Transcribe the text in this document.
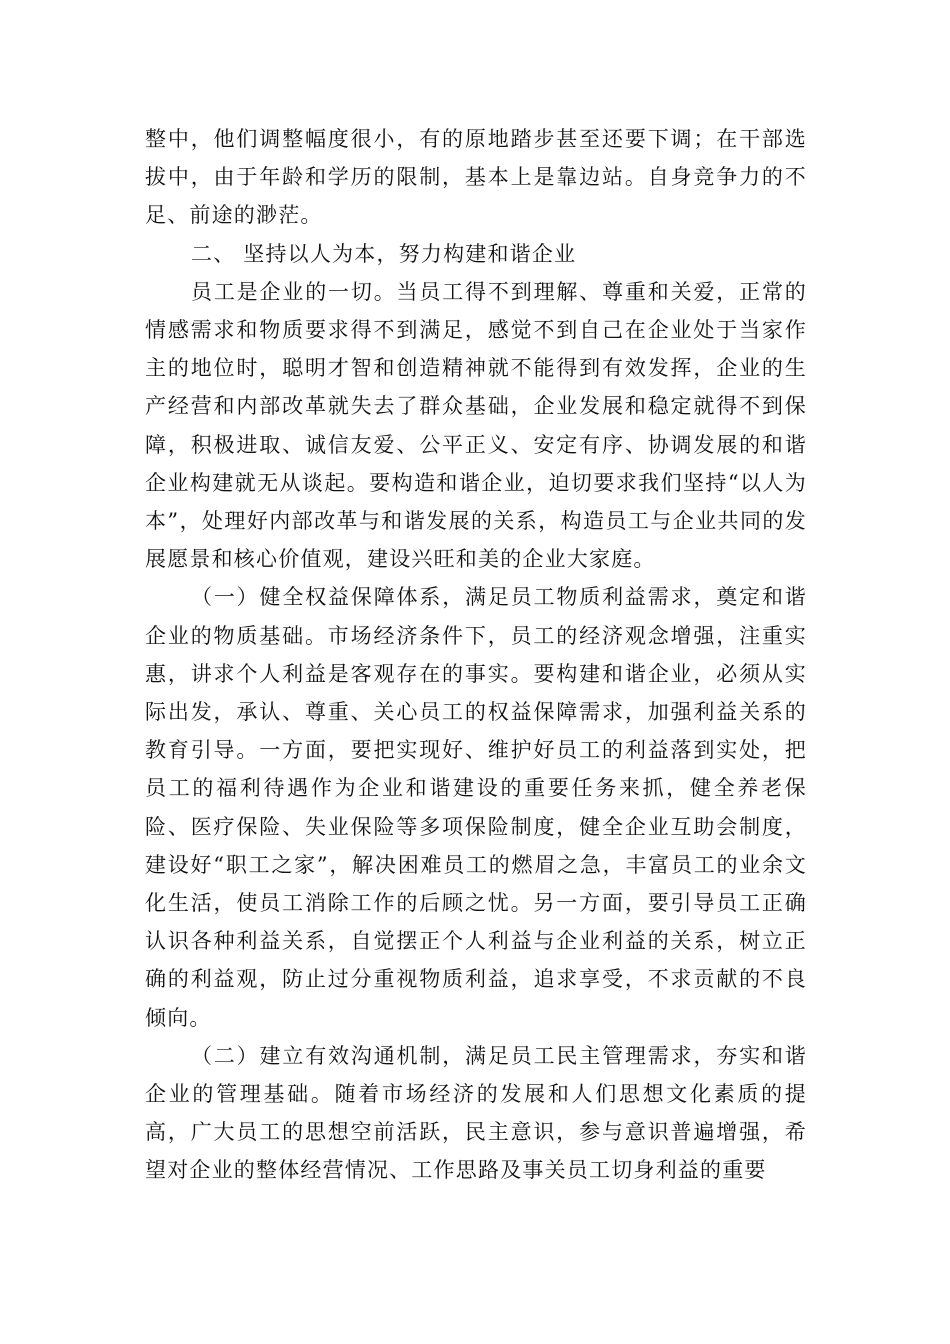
整中，他们调整幅度很小，有的原地踏步甚至还要下调；在干部选拔中，由于年龄和学历的限制，基本上是靠边站。自身竞争力的不足、前途的渺茫。

二、 坚持以人为本，努力构建和谐企业

员工是企业的一切。当员工得不到理解、尊重和关爱，正常的情感需求和物质要求得不到满足，感觉不到自己在企业处于当家作主的地位时，聪明才智和创造精神就不能得到有效发挥，企业的生产经营和内部改革就失去了群众基础，企业发展和稳定就得不到保障，积极进取、诚信友爱、公平正义、安定有序、协调发展的和谐企业构建就无从谈起。要构造和谐企业，迫切要求我们坚持“以人为本”，处理好内部改革与和谐发展的关系，构造员工与企业共同的发展愿景和核心价值观，建设兴旺和美的企业大家庭。

（一）健全权益保障体系，满足员工物质利益需求，奠定和谐企业的物质基础。市场经济条件下，员工的经济观念增强，注重实惠，讲求个人利益是客观存在的事实。要构建和谐企业，必须从实际出发，承认、尊重、关心员工的权益保障需求，加强利益关系的教育引导。一方面，要把实现好、维护好员工的利益落到实处，把员工的福利待遇作为企业和谐建设的重要任务来抓，健全养老保险、医疗保险、失业保险等多项保险制度，健全企业互助会制度，建设好“职工之家”，解决困难员工的燃眉之急，丰富员工的业余文化生活，使员工消除工作的后顾之忧。另一方面，要引导员工正确认识各种利益关系，自觉摆正个人利益与企业利益的关系，树立正确的利益观，防止过分重视物质利益，追求享受，不求贡献的不良倾向。

（二）建立有效沟通机制，满足员工民主管理需求，夯实和谐企业的管理基础。随着市场经济的发展和人们思想文化素质的提高，广大员工的思想空前活跃，民主意识，参与意识普遍增强，希望对企业的整体经营情况、工作思路及事关员工切身利益的重要
